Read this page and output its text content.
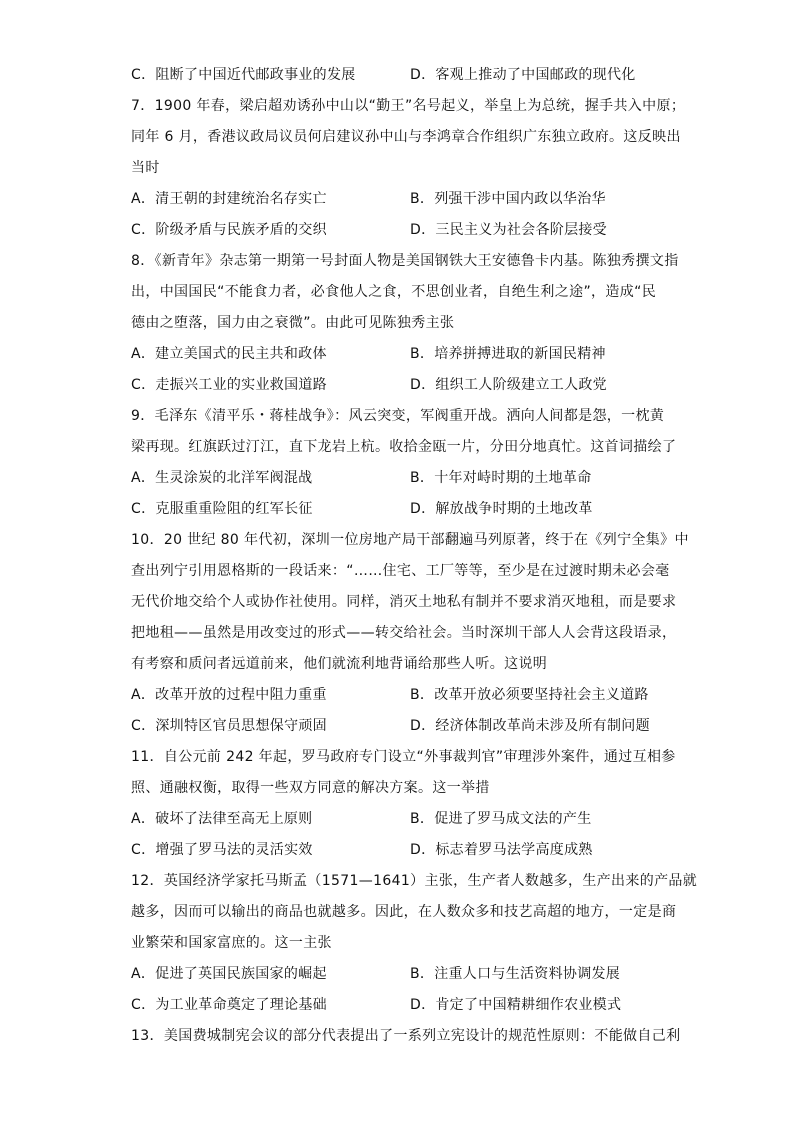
C．阻断了中国近代邮政事业的发展	D．客观上推动了中国邮政的现代化
7．1900 年春，梁启超劝诱孙中山以“勤王”名号起义，举皇上为总统，握手共入中原；
同年 6 月，香港议政局议员何启建议孙中山与李鸿章合作组织广东独立政府。这反映出
当时
A．清王朝的封建统治名存实亡	B．列强干涉中国内政以华治华
C．阶级矛盾与民族矛盾的交织	D．三民主义为社会各阶层接受
8．《新青年》杂志第一期第一号封面人物是美国钢铁大王安德鲁卡内基。陈独秀撰文指
出，中国国民“不能食力者，必食他人之食，不思创业者，自绝生利之途”，造成“民
德由之堕落，国力由之衰微”。由此可见陈独秀主张
A．建立美国式的民主共和政体	B．培养拼搏进取的新国民精神
C．走振兴工业的实业救国道路	D．组织工人阶级建立工人政党
9．毛泽东《清平乐・蒋桂战争》：风云突变，军阀重开战。洒向人间都是怨，一枕黄
梁再现。红旗跃过汀江，直下龙岩上杭。收拾金瓯一片，分田分地真忙。这首词描绘了
A．生灵涂炭的北洋军阀混战	B．十年对峙时期的土地革命
C．克服重重险阻的红军长征	D．解放战争时期的土地改革
10．20 世纪 80 年代初，深圳一位房地产局干部翻遍马列原著，终于在《列宁全集》中
查出列宁引用恩格斯的一段话来：“……住宅、工厂等等，至少是在过渡时期未必会毫
无代价地交给个人或协作社使用。同样，消灭土地私有制并不要求消灭地租，而是要求
把地租——虽然是用改变过的形式——转交给社会。当时深圳干部人人会背这段语录，
有考察和质问者远道前来，他们就流利地背诵给那些人听。这说明
A．改革开放的过程中阻力重重	B．改革开放必须要坚持社会主义道路
C．深圳特区官员思想保守顽固	D．经济体制改革尚未涉及所有制问题
11．自公元前 242 年起，罗马政府专门设立“外事裁判官”审理涉外案件，通过互相参
照、通融权衡，取得一些双方同意的解决方案。这一举措
A．破坏了法律至高无上原则	B．促进了罗马成文法的产生
C．增强了罗马法的灵活实效	D．标志着罗马法学高度成熟
12．英国经济学家托马斯孟（1571—1641）主张，生产者人数越多，生产出来的产品就
越多，因而可以输出的商品也就越多。因此，在人数众多和技艺高超的地方，一定是商
业繁荣和国家富庶的。这一主张
A．促进了英国民族国家的崛起	B．注重人口与生活资料协调发展
C．为工业革命奠定了理论基础	D．肯定了中国精耕细作农业模式
13．美国费城制宪会议的部分代表提出了一系列立宪设计的规范性原则：不能做自己利
